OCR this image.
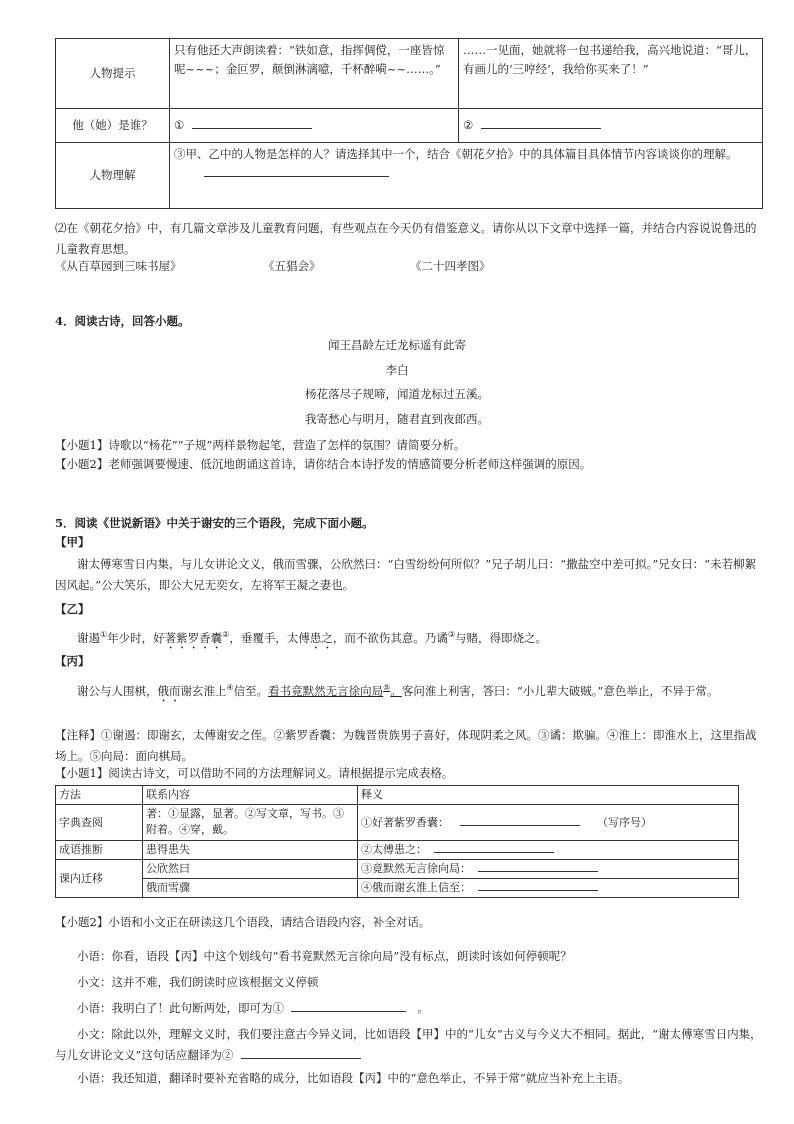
人物提示	只有他还大声朗读着：“铁如意，指挥倜傥，一座皆惊呢~~~；金叵罗，颠倒淋漓噫，千杯醉嗬~~……。”	……一见面，她就将一包书递给我，高兴地说道：“哥儿，有画儿的‘三哼经’，我给你买来了！”
他（她）是谁？	①	②
人物理解	③甲、乙中的人物是怎样的人？请选择其中一个，结合《朝花夕拾》中的具体篇目具体情节内容谈谈你的理解。	
⑵在《朝花夕拾》中，有几篇文章涉及儿童教育问题，有些观点在今天仍有借鉴意义。请你从以下文章中选择一篇，并结合内容说说鲁迅的儿童教育思想。
《从百草园到三味书屋》	《五猖会》	《二十四孝图》
4．阅读古诗，回答小题。
闻王昌龄左迁龙标遥有此寄
李白
杨花落尽子规啼，闻道龙标过五溪。
我寄愁心与明月，随君直到夜郎西。
【小题1】诗歌以“杨花”“子规”两样景物起笔，营造了怎样的氛围？请简要分析。
【小题2】老师强调要慢速、低沉地朗诵这首诗，请你结合本诗抒发的情感简要分析老师这样强调的原因。
5．阅读《世说新语》中关于谢安的三个语段，完成下面小题。
【甲】
谢太傅寒雪日内集，与儿女讲论文义，俄而雪骤，公欣然曰：“白雪纷纷何所似？”兄子胡儿曰：“撒盐空中差可拟。”兄女曰：“未若柳絮因风起。”公大笑乐，即公大兄无奕女，左将军王凝之妻也。
【乙】
谢遏①年少时，好著紫罗香囊②，垂覆手，太傅患之，而不欲伤其意。乃谲③与赌，得即烧之。
【丙】
谢公与人围棋，俄而谢玄淮上④信至。看书竟默然无言徐向局⑤。客问淮上利害，答曰：“小儿辈大破贼。”意色举止，不异于常。
【注释】①谢遏：即谢玄，太傅谢安之侄。②紫罗香囊：为魏晋贵族男子喜好，体现阴柔之风。③谲：欺骗。④淮上：即淮水上，这里指战场上。⑤向局：面向棋局。
【小题1】阅读古诗文，可以借助不同的方法理解词义。请根据提示完成表格。
方法	联系内容	释义
字典查阅	著：①显露，显著。②写文章，写书。③附着。④穿，戴。	①好著紫罗香囊： （写序号）
成语推断	患得患失	②太傅患之：
课内迁移	公欣然曰	③竟默然无言徐向局：
	俄而雪骤	④俄而谢玄淮上信至：
【小题2】小语和小文正在研读这几个语段，请结合语段内容，补全对话。
小语：你看，语段【丙】中这个划线句“看书竟默然无言徐向局”没有标点，朗读时该如何停顿呢？
小文：这并不难，我们朗读时应该根据文义停顿
小语：我明白了！此句断两处，即可为①	。
小文：除此以外，理解文义时，我们要注意古今异义词，比如语段【甲】中的“儿女”古义与今义大不相同。据此，“谢太傅寒雪日内集，与儿女讲论文义”这句话应翻译为②
小语：我还知道，翻译时要补充省略的成分，比如语段【丙】中的“意色举止，不异于常”就应当补充上主语。
